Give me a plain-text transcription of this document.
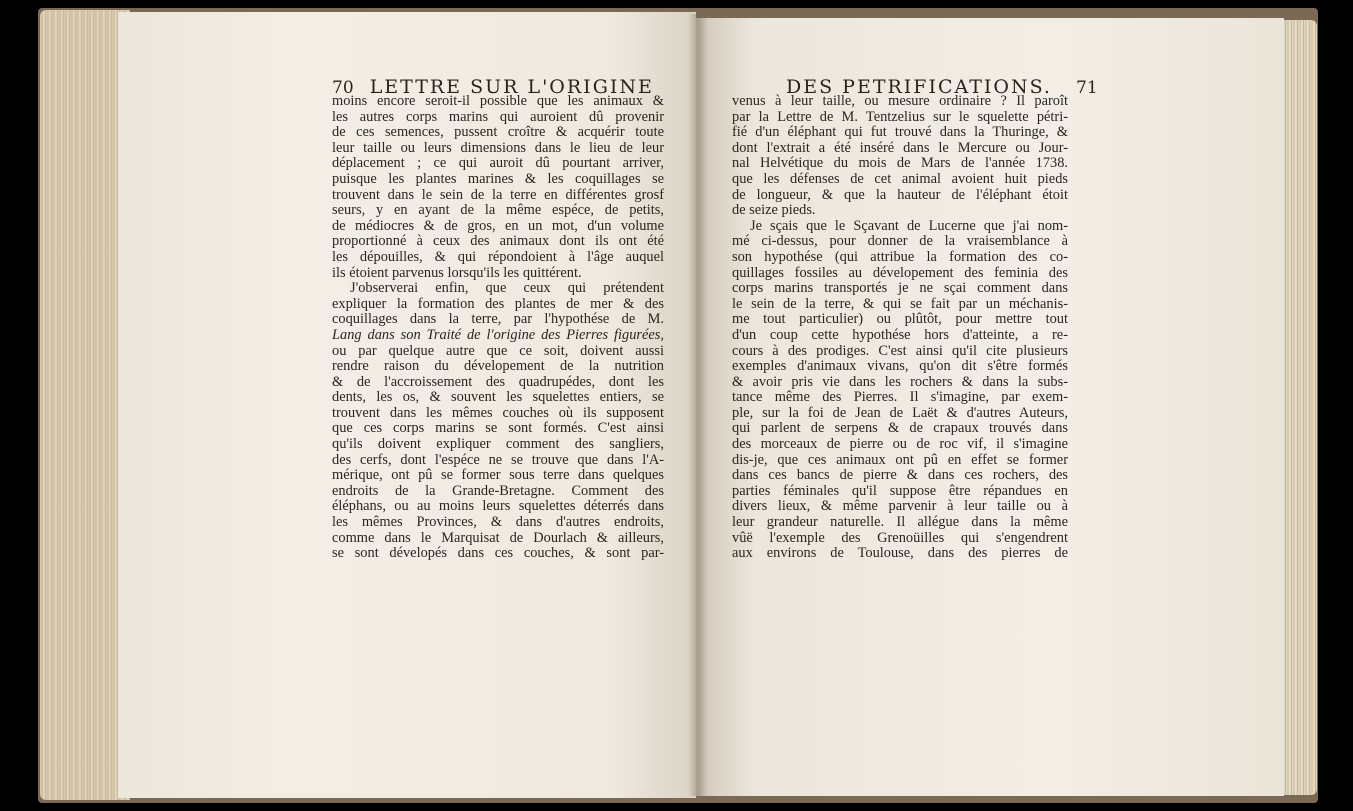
70 LETTRE SUR L'ORIGINE	DES PETRIFICATIONS. 71
moins encore seroit-il possible que les animaux &
les autres corps marins qui auroient dû provenir
de ces semences, pussent croître & acquérir toute
leur taille ou leurs dimensions dans le lieu de leur
déplacement ; ce qui auroit dû pourtant arriver,
puisque les plantes marines & les coquillages se
trouvent dans le sein de la terre en différentes grosf
seurs, y en ayant de la même espéce, de petits,
de médiocres & de gros, en un mot, d'un volume
proportionné à ceux des animaux dont ils ont été
les dépouilles, & qui répondoient à l'âge auquel
ils étoient parvenus lorsqu'ils les quittérent.
J'observerai enfin, que ceux qui prétendent
expliquer la formation des plantes de mer & des
coquillages dans la terre, par l'hypothése de M.
Lang dans son Traité de l'origine des Pierres figurées,
ou par quelque autre que ce soit, doivent aussi
rendre raison du dévelopement de la nutrition
& de l'accroissement des quadrupédes, dont les
dents, les os, & souvent les squelettes entiers, se
trouvent dans les mêmes couches où ils supposent
que ces corps marins se sont formés. C'est ainsi
qu'ils doivent expliquer comment des sangliers,
des cerfs, dont l'espéce ne se trouve que dans l'A-
mérique, ont pû se former sous terre dans quelques
endroits de la Grande-Bretagne. Comment des
éléphans, ou au moins leurs squelettes déterrés dans
les mêmes Provinces, & dans d'autres endroits,
comme dans le Marquisat de Dourlach & ailleurs,
se sont dévelopés dans ces couches, & sont par-
venus à leur taille, ou mesure ordinaire ? Il paroît
par la Lettre de M. Tentzelius sur le squelette pétri-
fié d'un éléphant qui fut trouvé dans la Thuringe, &
dont l'extrait a été inséré dans le Mercure ou Jour-
nal Helvétique du mois de Mars de l'année 1738.
que les défenses de cet animal avoient huit pieds
de longueur, & que la hauteur de l'éléphant étoit
de seize pieds.
Je sçais que le Sçavant de Lucerne que j'ai nom-
mé ci-dessus, pour donner de la vraisemblance à
son hypothése (qui attribue la formation des co-
quillages fossiles au dévelopement des feminia des
corps marins transportés je ne sçai comment dans
le sein de la terre, & qui se fait par un méchanis-
me tout particulier) ou plûtôt, pour mettre tout
d'un coup cette hypothése hors d'atteinte, a re-
cours à des prodiges. C'est ainsi qu'il cite plusieurs
exemples d'animaux vivans, qu'on dit s'être formés
& avoir pris vie dans les rochers & dans la subs-
tance même des Pierres. Il s'imagine, par exem-
ple, sur la foi de Jean de Laët & d'autres Auteurs,
qui parlent de serpens & de crapaux trouvés dans
des morceaux de pierre ou de roc vif, il s'imagine
dis-je, que ces animaux ont pû en effet se former
dans ces bancs de pierre & dans ces rochers, des
parties féminales qu'il suppose être répandues en
divers lieux, & même parvenir à leur taille ou à
leur grandeur naturelle. Il allégue dans la même
vûë l'exemple des Grenoüilles qui s'engendrent
aux environs de Toulouse, dans des pierres de
